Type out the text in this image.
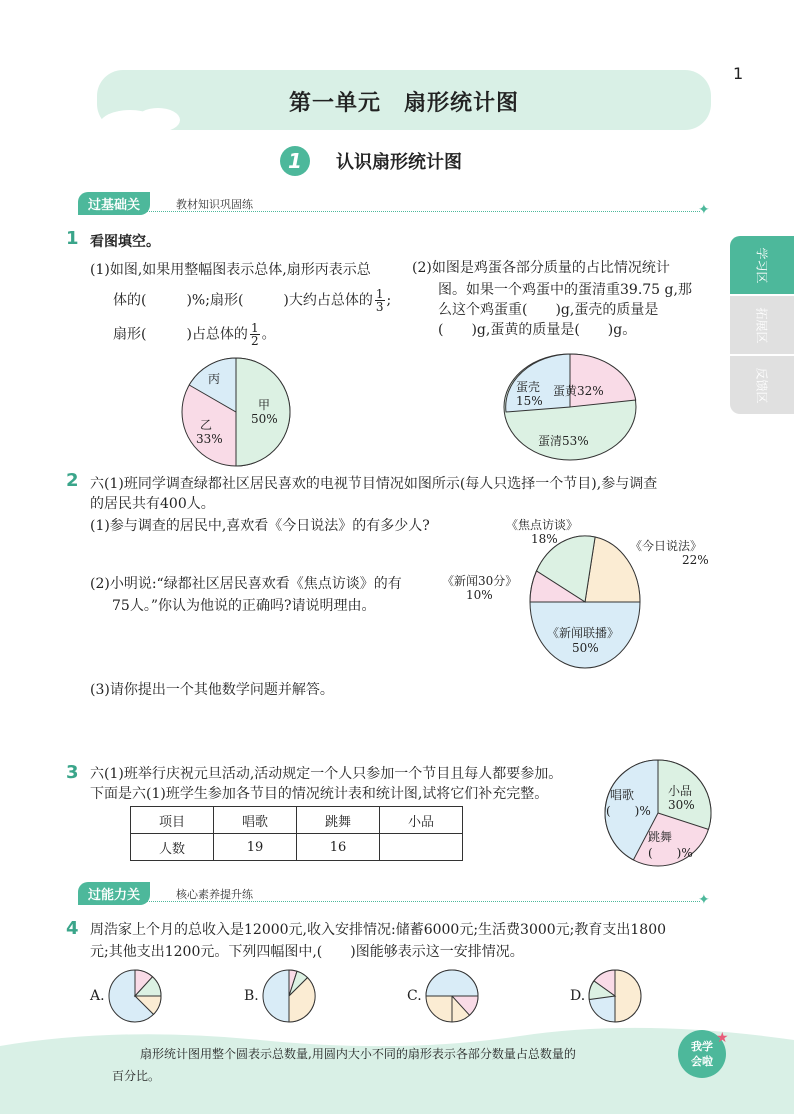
1
第一单元　扇形统计图
1	认识扇形统计图
学习区
拓展区
反馈区
过基础关	教材知识巩固练	✦
1 看图填空。
(1)如图,如果用整幅图表示总体,扇形丙表示总
体的(	)%;扇形(	)大约占总体的 $\frac{1}{3}$ ;
扇形(	)占总体的 $\frac{1}{2}$ 。
(2)如图是鸡蛋各部分质量的占比情况统计
图。如果一个鸡蛋中的蛋清重39.75 g,那
么这个鸡蛋重(　　)g,蛋壳的质量是
(　　)g,蛋黄的质量是(　　)g。
丙
甲
50%
乙
33%
蛋壳
15%
蛋黄32%
蛋清53%
2 六(1)班同学调查绿都社区居民喜欢的电视节目情况如图所示(每人只选择一个节目),参与调查
的居民共有400人。
(1)参与调查的居民中,喜欢看《今日说法》的有多少人?
(2)小明说:“绿都社区居民喜欢看《焦点访谈》的有
75人。”你认为他说的正确吗?请说明理由。
(3)请你提出一个其他数学问题并解答。
《焦点访谈》
18%	《今日说法》
22%
《新闻30分》
10%
《新闻联播》
50%
3 六(1)班举行庆祝元旦活动,活动规定一个人只参加一个节目且每人都要参加。
下面是六(1)班学生参加各节目的情况统计表和统计图,试将它们补充完整。
项目	唱歌	跳舞	小品
人数	19	16	
唱歌
(　　)%
小品
30%
跳舞
(　　)%
过能力关	核心素养提升练	✦
4 周浩家上个月的总收入是12000元,收入安排情况:储蓄6000元;生活费3000元;教育支出1800
元;其他支出1200元。下列四幅图中,(　　)图能够表示这一安排情况。
A.	B.	C.	D.
扇形统计图用整个圆表示总数量,用圆内大小不同的扇形表示各部分数量占总数量的
百分比。
我学
会啦
★
